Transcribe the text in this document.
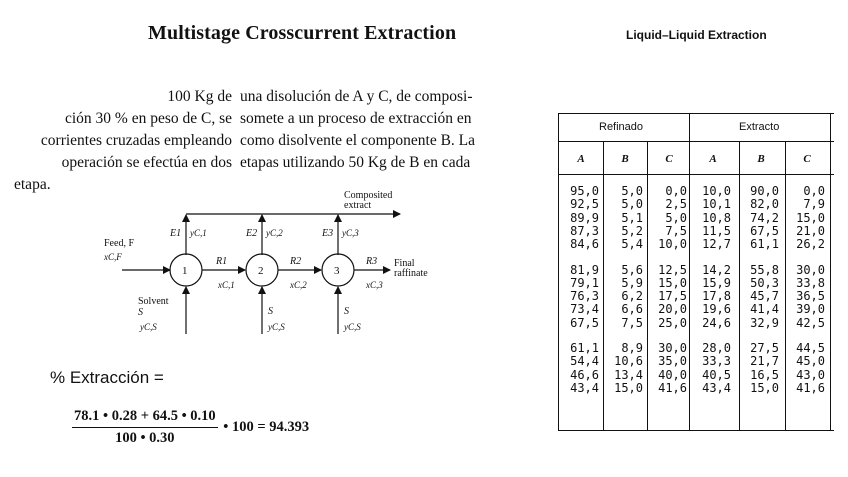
Multistage Crosscurrent Extraction	Liquid–Liquid Extraction
100 Kg de
ción 30 % en peso de C, se
corrientes cruzadas empleando
operación se efectúa en dos
etapa.
una disolución de A y C, de composi-
somete a un proceso de extracción en
como disolvente el componente B. La
etapas utilizando 50 Kg de B en cada
Composited
extract
1	2	3
E1	E2	E3
yC,1	yC,2	yC,3
Feed, F
xC,F	R1	R2	R3
xC,1	xC,2	xC,3
Final
raffinate
Solvent
S
yC,S
S	S
yC,S	yC,S
% Extracción =
$\frac{78.1 • 0.28 + 64.5 • 0.10}{100 • 0.30}$ • 100 = 94.393
Refinado	Extracto
A	B	C	A	B	C
95,0	5,0	0,0	10,0	90,0	0,0
92,5	5,0	2,5	10,1	82,0	7,9
89,9	5,1	5,0	10,8	74,2	15,0
87,3	5,2	7,5	11,5	67,5	21,0
84,6	5,4	10,0	12,7	61,1	26,2
81,9	5,6	12,5	14,2	55,8	30,0
79,1	5,9	15,0	15,9	50,3	33,8
76,3	6,2	17,5	17,8	45,7	36,5
73,4	6,6	20,0	19,6	41,4	39,0
67,5	7,5	25,0	24,6	32,9	42,5
61,1	8,9	30,0	28,0	27,5	44,5
54,4	10,6	35,0	33,3	21,7	45,0
46,6	13,4	40,0	40,5	16,5	43,0
43,4	15,0	41,6	43,4	15,0	41,6
